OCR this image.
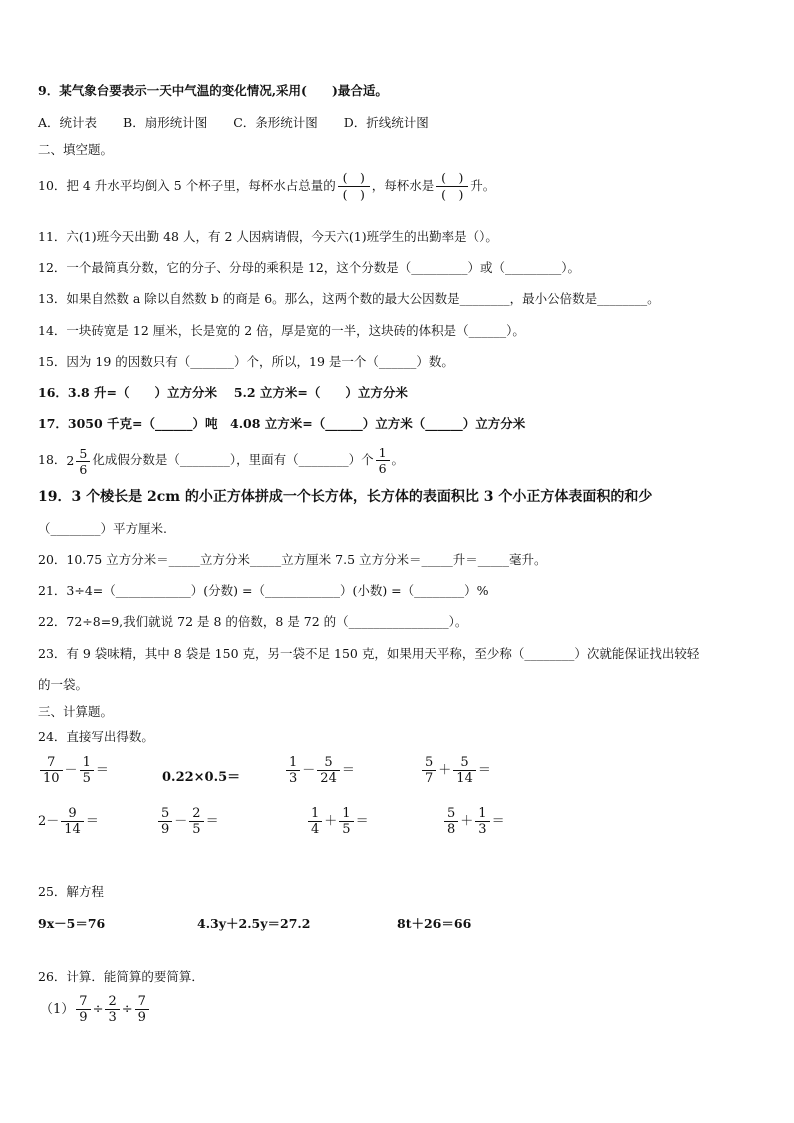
9．某气象台要表示一天中气温的变化情况,采用(　　)最合适。
A．统计表 B．扇形统计图 C．条形统计图 D．折线统计图
二、填空题。
10．把 4 升水平均倒入 5 个杯子里，每杯水占总量的 $\frac{( )}{( )}$ ，每杯水是 $\frac{( )}{( )}$ 升。
11．六(1)班今天出勤 48 人，有 2 人因病请假，今天六(1)班学生的出勤率是（）。
12．一个最简真分数，它的分子、分母的乘积是 12，这个分数是（_________）或（_________）。
13．如果自然数 a 除以自然数 b 的商是 6。那么，这两个数的最大公因数是________，最小公倍数是________。
14．一块砖宽是 12 厘米，长是宽的 2 倍，厚是宽的一半，这块砖的体积是（______）。
15．因为 19 的因数只有（_______）个，所以，19 是一个（______）数。
16．3.8 升=（　　）立方分米　 5.2 立方米=（　　）立方分米
17．3050 千克=（______）吨　4.08 立方米=（______）立方米（______）立方分米
18．$2 \frac{5}{6}$ 化成假分数是（________），里面有（________）个 $\frac{1}{6}$ 。
19．3 个棱长是 2cm 的小正方体拼成一个长方体，长方体的表面积比 3 个小正方体表面积的和少
（________）平方厘米.
20．10.75 立方分米＝_____立方分米_____立方厘米 7.5 立方分米＝_____升＝_____毫升。
21．3÷4=（____________）(分数) =（____________）(小数) =（________）%
22．72÷8=9,我们就说 72 是 8 的倍数，8 是 72 的（________________）。
23．有 9 袋味精，其中 8 袋是 150 克，另一袋不足 150 克，如果用天平称，至少称（________）次就能保证找出较轻
的一袋。
三、计算题。
24．直接写出得数。
$\frac{7}{10} - \frac{1}{5}$ ＝	0.22×0.5＝	$\frac{1}{3} - \frac{5}{24}$ ＝	$\frac{5}{7} + \frac{5}{14}$ ＝
$2- \frac{9}{14}$ ＝	$\frac{5}{9} - \frac{2}{5}$ ＝	$\frac{1}{4} + \frac{1}{5}$ ＝	$\frac{5}{8} + \frac{1}{3}$ ＝
25．解方程
9x－5＝76	4.3y＋2.5y＝27.2	8t＋26＝66
26．计算．能简算的要简算．
$(1) \frac{7}{9} \div \frac{2}{3} \div \frac{7}{9}$
